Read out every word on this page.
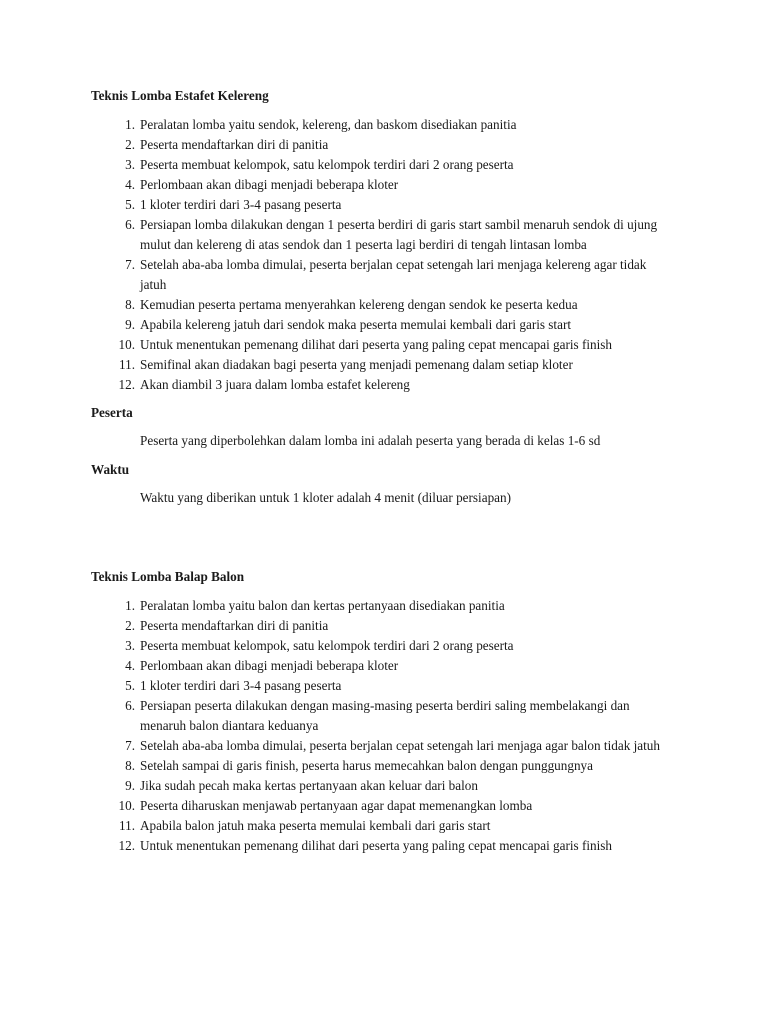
Teknis Lomba Estafet Kelereng
1. Peralatan lomba yaitu sendok, kelereng, dan baskom disediakan panitia
2. Peserta mendaftarkan diri di panitia
3. Peserta membuat kelompok, satu kelompok terdiri dari 2 orang peserta
4. Perlombaan akan dibagi menjadi beberapa kloter
5. 1 kloter terdiri dari 3-4 pasang peserta
6. Persiapan lomba dilakukan dengan 1 peserta berdiri di garis start sambil menaruh sendok di ujung mulut dan kelereng di atas sendok dan 1 peserta lagi berdiri di tengah lintasan lomba
7. Setelah aba-aba lomba dimulai, peserta berjalan cepat setengah lari menjaga kelereng agar tidak jatuh
8. Kemudian peserta pertama menyerahkan kelereng dengan sendok ke peserta kedua
9. Apabila kelereng jatuh dari sendok maka peserta memulai kembali dari garis start
10. Untuk menentukan pemenang dilihat dari peserta yang paling cepat mencapai garis finish
11. Semifinal akan diadakan bagi peserta yang menjadi pemenang dalam setiap kloter
12. Akan diambil 3 juara dalam lomba estafet kelereng
Peserta

Peserta yang diperbolehkan dalam lomba ini adalah peserta yang berada di kelas 1-6 sd

Waktu

Waktu yang diberikan untuk 1 kloter adalah 4 menit (diluar persiapan)

Teknis Lomba Balap Balon
1. Peralatan lomba yaitu balon dan kertas pertanyaan disediakan panitia
2. Peserta mendaftarkan diri di panitia
3. Peserta membuat kelompok, satu kelompok terdiri dari 2 orang peserta
4. Perlombaan akan dibagi menjadi beberapa kloter
5. 1 kloter terdiri dari 3-4 pasang peserta
6. Persiapan peserta dilakukan dengan masing-masing peserta berdiri saling membelakangi dan menaruh balon diantara keduanya
7. Setelah aba-aba lomba dimulai, peserta berjalan cepat setengah lari menjaga agar balon tidak jatuh
8. Setelah sampai di garis finish, peserta harus memecahkan balon dengan punggungnya
9. Jika sudah pecah maka kertas pertanyaan akan keluar dari balon
10. Peserta diharuskan menjawab pertanyaan agar dapat memenangkan lomba
11. Apabila balon jatuh maka peserta memulai kembali dari garis start
12. Untuk menentukan pemenang dilihat dari peserta yang paling cepat mencapai garis finish
